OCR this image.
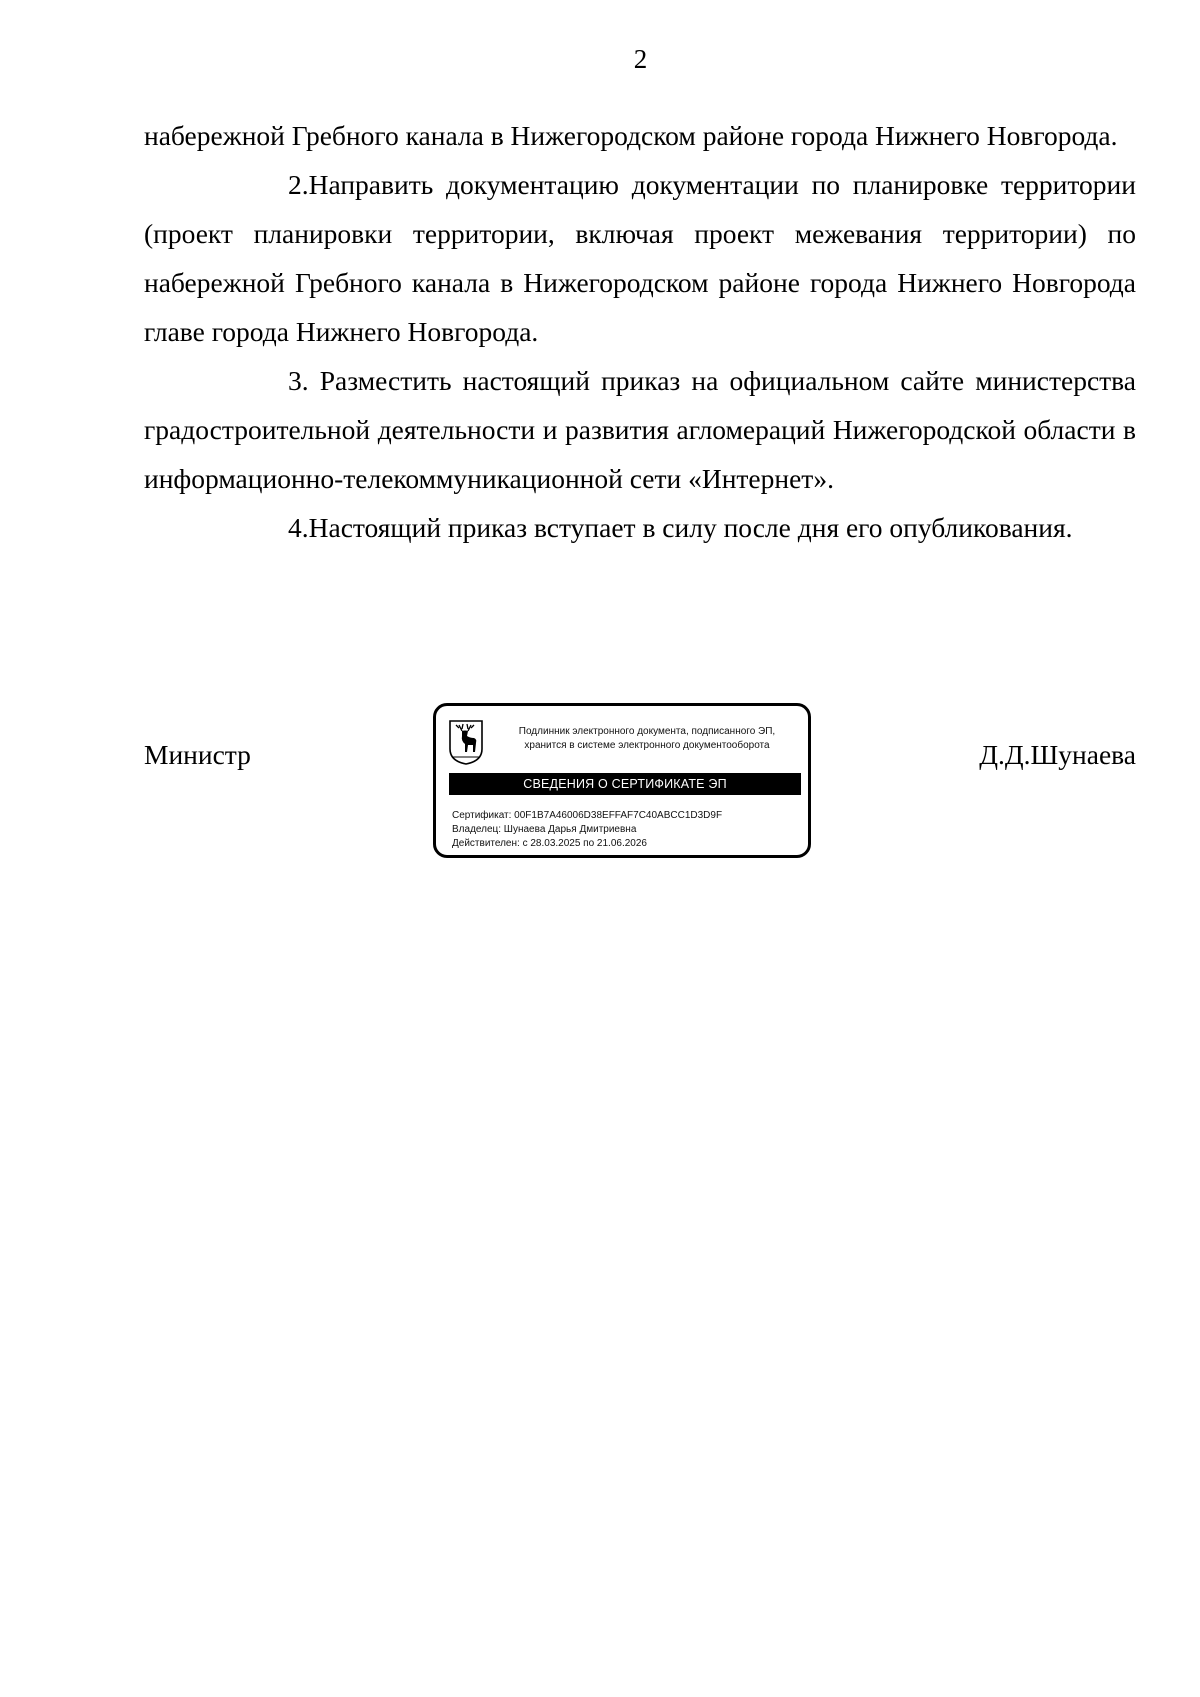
2

набережной Гребного канала в Нижегородском районе города Нижнего Новгорода.

2.Направить документацию документации по планировке территории (проект планировки территории, включая проект межевания территории) по набережной Гребного канала в Нижегородском районе города Нижнего Новгорода главе города Нижнего Новгорода.

3. Разместить настоящий приказ на официальном сайте министерства градостроительной деятельности и развития агломераций Нижегородской области в информационно-телекоммуникационной сети «Интернет».

4.Настоящий приказ вступает в силу после дня его опубликования.

Министр	Д.Д.Шунаева
Подлинник электронного документа, подписанного ЭП,
хранится в системе электронного документооборота
СВЕДЕНИЯ О СЕРТИФИКАТЕ ЭП
Сертификат: 00F1B7A46006D38EFFAF7C40ABCC1D3D9F
Владелец: Шунаева Дарья Дмитриевна
Действителен: с 28.03.2025 по 21.06.2026
